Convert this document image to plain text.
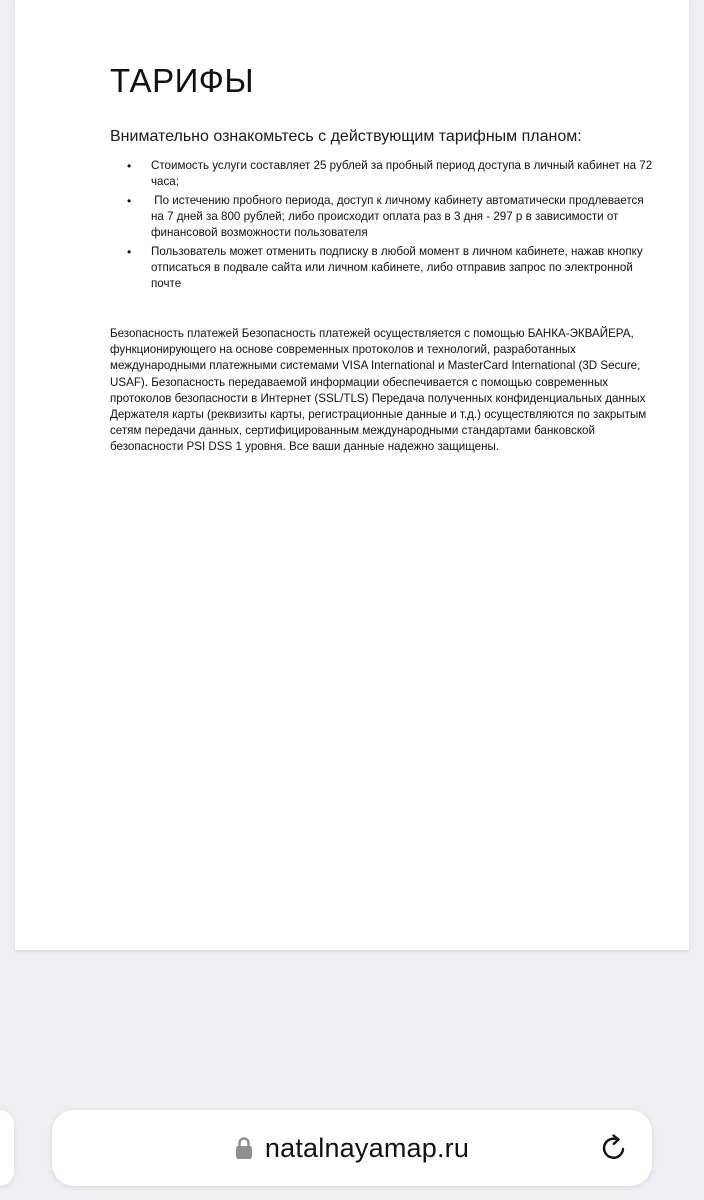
ТАРИФЫ
Внимательно ознакомьтесь с действующим тарифным планом:
• Стоимость услуги составляет 25 рублей за пробный период доступа в личный кабинет на 72 часа;
• По истечению пробного периода, доступ к личному кабинету автоматически продлевается на 7 дней за 800 рублей; либо происходит оплата раз в 3 дня - 297 р в зависимости от финансовой возможности пользователя
• Пользователь может отменить подписку в любой момент в личном кабинете, нажав кнопку отписаться в подвале сайта или личном кабинете, либо отправив запрос по электронной почте
Безопасность платежей Безопасность платежей осуществляется с помощью БАНКА-ЭКВАЙЕРА, функционирующего на основе современных протоколов и технологий, разработанных международными платежными системами VISA International и MasterCard International (3D Secure, USAF). Безопасность передаваемой информации обеспечивается с помощью современных протоколов безопасности в Интернет (SSL/TLS) Передача полученных конфиденциальных данных Держателя карты (реквизиты карты, регистрационные данные и т.д.) осуществляются по закрытым сетям передачи данных, сертифицированным международными стандартами банковской безопасности PSI DSS 1 уровня. Все ваши данные надежно защищены.
natalnayamap.ru
